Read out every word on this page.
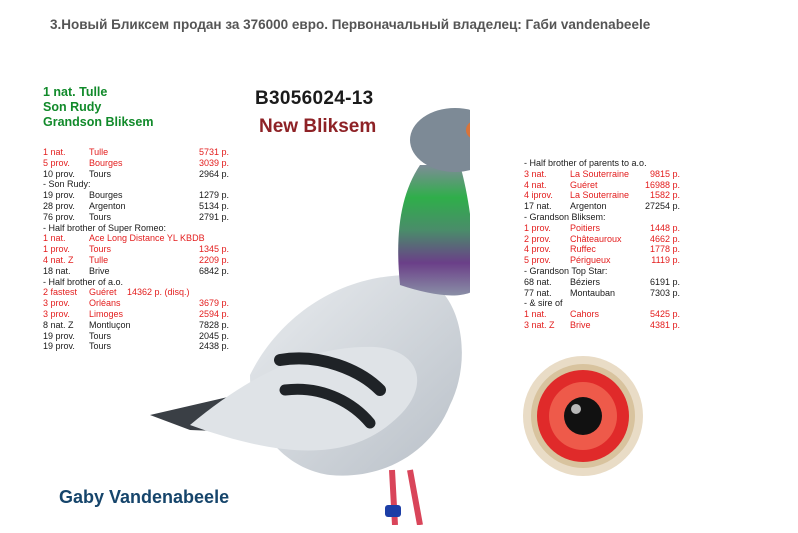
3.Новый Бликсем продан за 376000 евро. Первоначальный владелец: Габи vandenabeele
1 nat. Tulle
Son Rudy
Grandson Bliksem
B3056024-13
New Bliksem
1 nat.	Tulle	5731 p.
5 prov. Bourges	3039 p.
10 prov. Tours	2964 p.
- Son Rudy:
19 prov. Bourges	1279 p.
28 prov. Argenton	5134 p.
76 prov. Tours	2791 p.
- Half brother of Super Romeo:
1 nat.	Ace Long Distance YL KBDB
1 prov. Tours	1345 p.
4 nat. Z Tulle	2209 p.
18 nat. Brive	6842 p.
- Half brother of a.o.
2 fastest Guéret 14362 p. (disq.)
3 prov. Orléans	3679 p.
3 prov. Limoges	2594 p.
8 nat. Z Montluçon	7828 p.
19 prov. Tours	2045 p.
19 prov. Tours	2438 p.
- Half brother of parents to a.o.
3 nat.	La Souterraine	9815 p.
4 nat.	Guéret	16988 p.
4 iprov. La Souterraine	1582 p.
17 nat. Argenton	27254 p.
- Grandson Bliksem:
1 prov. Poitiers	1448 p.
2 prov. Châteauroux	4662 p.
4 prov. Ruffec	1778 p.
5 prov. Périgueux	1119 p.
- Grandson Top Star:
68 nat. Béziers	6191 p.
77 nat. Montauban	7303 p.
- & sire of
1 nat.	Cahors	5425 p.
3 nat. Z Brive	4381 p.
Gaby Vandenabeele
